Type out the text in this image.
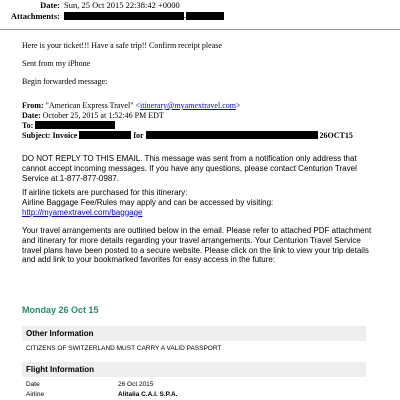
Date: Sun, 25 Oct 2015 22:38:42 +0000
Attachments:	-
Here is your ticket!!! Have a safe trip!! Confirm receipt please
Sent from my iPhone
Begin forwarded message:
From: "American Express Travel" <itinerary@myamextravel.com>
Date: October 25, 2015 at 1:52:46 PM EDT
To:
Subject: Invoice	for	26OCT15

DO NOT REPLY TO THIS EMAIL. This message was sent from a notification only address that cannot accept incoming messages. If you have any questions, please contact Centurion Travel Service at 1-877-877-0987.

If airline tickets are purchased for this itinerary:

Airline Baggage Fee/Rules may apply and can be accessed by visiting:

http://myamextravel.com/baggage

Your travel arrangements are outlined below in the email. Please refer to attached PDF attachment and itinerary for more details regarding your travel arrangements. Your Centurion Travel Service travel plans have been posted to a secure website. Please click on the link to view your trip details and add link to your bookmarked favorites for easy access in the future:

Monday 26 Oct 15
Other Information
CITIZENS OF SWITZERLAND MUST CARRY A VALID PASSPORT
Flight Information
Date	26 Oct 2015
Airline	Alitalia C.A.I. S.P.A.
